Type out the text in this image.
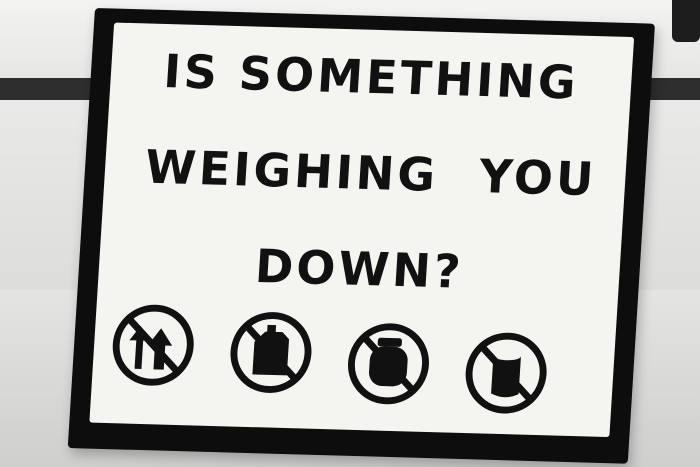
IS SOMETHING
WEIGHING YOU
DOWN?
